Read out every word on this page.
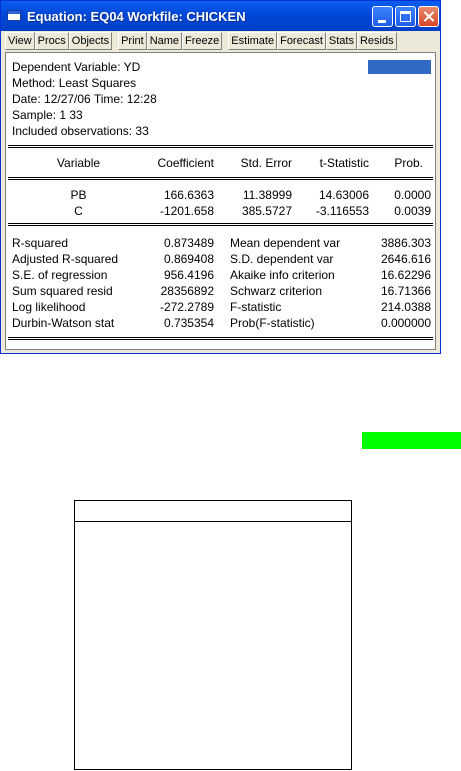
Equation: EQ04 Workfile: CHICKEN
View Procs Objects Print Name Freeze Estimate Forecast Stats Resids
Dependent Variable: YD
Method: Least Squares
Date: 12/27/06 Time: 12:28
Sample: 1 33
Included observations: 33
Variable	Coefficient	Std. Error	t-Statistic	Prob.
PB	166.6363	11.38999	14.63006	0.0000
C	-1201.658	385.5727	-3.116553	0.0039
R-squared	0.873489 Mean dependent var	3886.303
Adjusted R-squared	0.869408 S.D. dependent var	2646.616
S.E. of regression	956.4196 Akaike info criterion	16.62296
Sum squared resid	28356892 Schwarz criterion	16.71366
Log likelihood	-272.2789 F-statistic	214.0388
Durbin-Watson stat	0.735354 Prob(F-statistic)	0.000000
